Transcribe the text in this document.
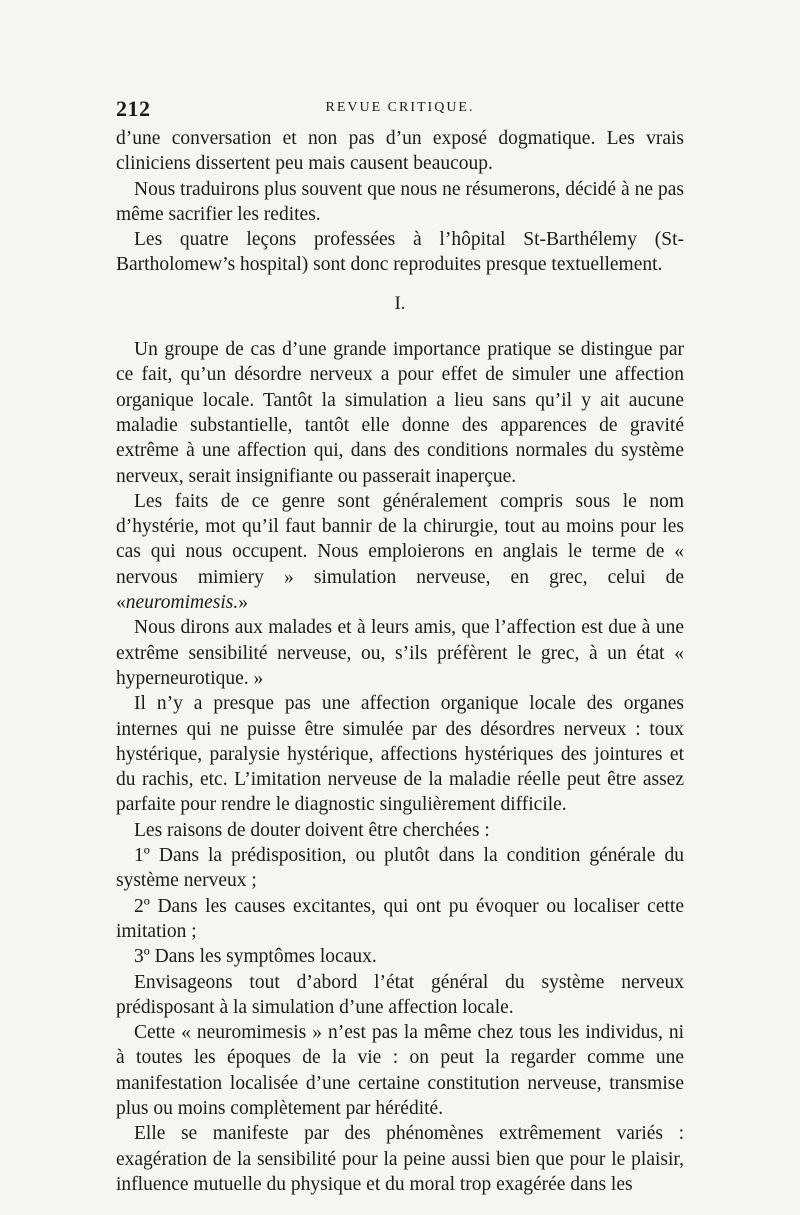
212	REVUE CRITIQUE.

d’une conversation et non pas d’un exposé dogmatique. Les vrais cliniciens dissertent peu mais causent beaucoup.

Nous traduirons plus souvent que nous ne résumerons, décidé à ne pas même sacrifier les redites.

Les quatre leçons professées à l’hôpital St-Barthélemy (St-Bartholomew’s hospital) sont donc reproduites presque textuellement.

I.

Un groupe de cas d’une grande importance pratique se distingue par ce fait, qu’un désordre nerveux a pour effet de simuler une affection organique locale. Tantôt la simulation a lieu sans qu’il y ait aucune maladie substantielle, tantôt elle donne des apparences de gravité extrême à une affection qui, dans des conditions normales du système nerveux, serait insignifiante ou passerait inaperçue.

Les faits de ce genre sont généralement compris sous le nom d’hystérie, mot qu’il faut bannir de la chirurgie, tout au moins pour les cas qui nous occupent. Nous emploierons en anglais le terme de « nervous mimiery » simulation nerveuse, en grec, celui de «neuromimesis.»

Nous dirons aux malades et à leurs amis, que l’affection est due à une extrême sensibilité nerveuse, ou, s’ils préfèrent le grec, à un état « hyperneurotique. »

Il n’y a presque pas une affection organique locale des organes internes qui ne puisse être simulée par des désordres nerveux : toux hystérique, paralysie hystérique, affections hystériques des jointures et du rachis, etc. L’imitation nerveuse de la maladie réelle peut être assez parfaite pour rendre le diagnostic singulièrement difficile.

Les raisons de douter doivent être cherchées :

1º Dans la prédisposition, ou plutôt dans la condition générale du système nerveux ;

2º Dans les causes excitantes, qui ont pu évoquer ou localiser cette imitation ;

3º Dans les symptômes locaux.

Envisageons tout d’abord l’état général du système nerveux prédisposant à la simulation d’une affection locale.

Cette « neuromimesis » n’est pas la même chez tous les individus, ni à toutes les époques de la vie : on peut la regarder comme une manifestation localisée d’une certaine constitution nerveuse, transmise plus ou moins complètement par hérédité.

Elle se manifeste par des phénomènes extrêmement variés : exagération de la sensibilité pour la peine aussi bien que pour le plaisir, influence mutuelle du physique et du moral trop exagérée dans les
